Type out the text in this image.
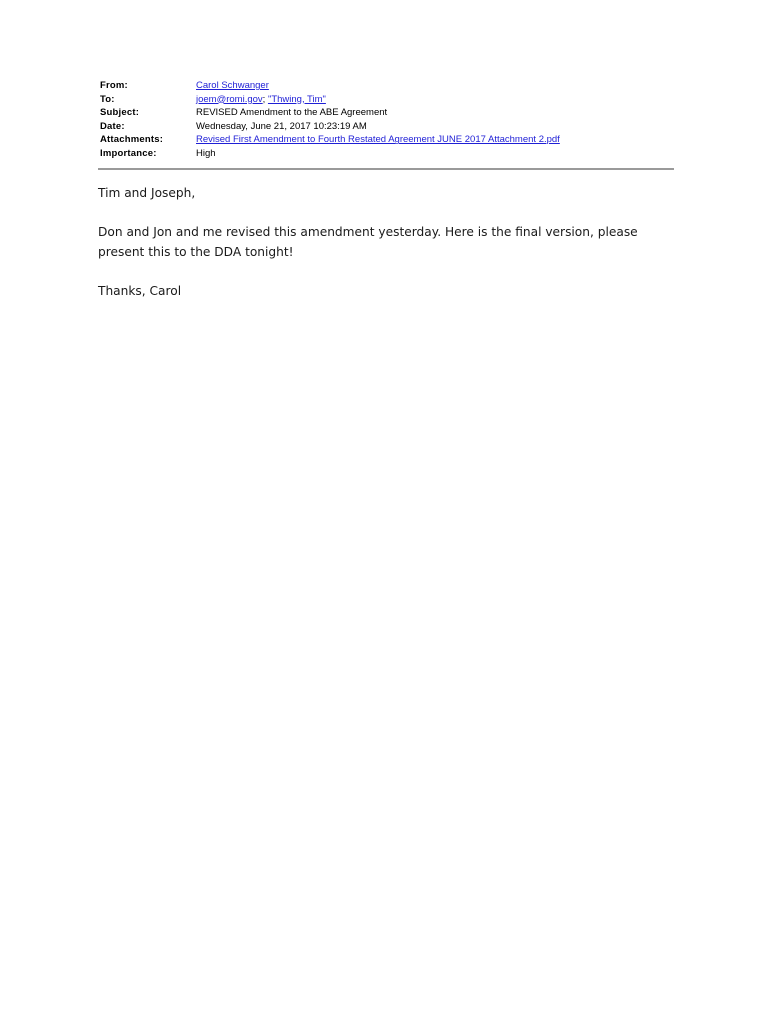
From:	Carol Schwanger
To:	joem@romi.gov; "Thwing, Tim"
Subject:	REVISED Amendment to the ABE Agreement
Date:	Wednesday, June 21, 2017 10:23:19 AM
Attachments:	Revised First Amendment to Fourth Restated Agreement JUNE 2017 Attachment 2.pdf
Importance:	High

Tim and Joseph,

Don and Jon and me revised this amendment yesterday. Here is the final version, please present this to the DDA tonight!

Thanks, Carol
